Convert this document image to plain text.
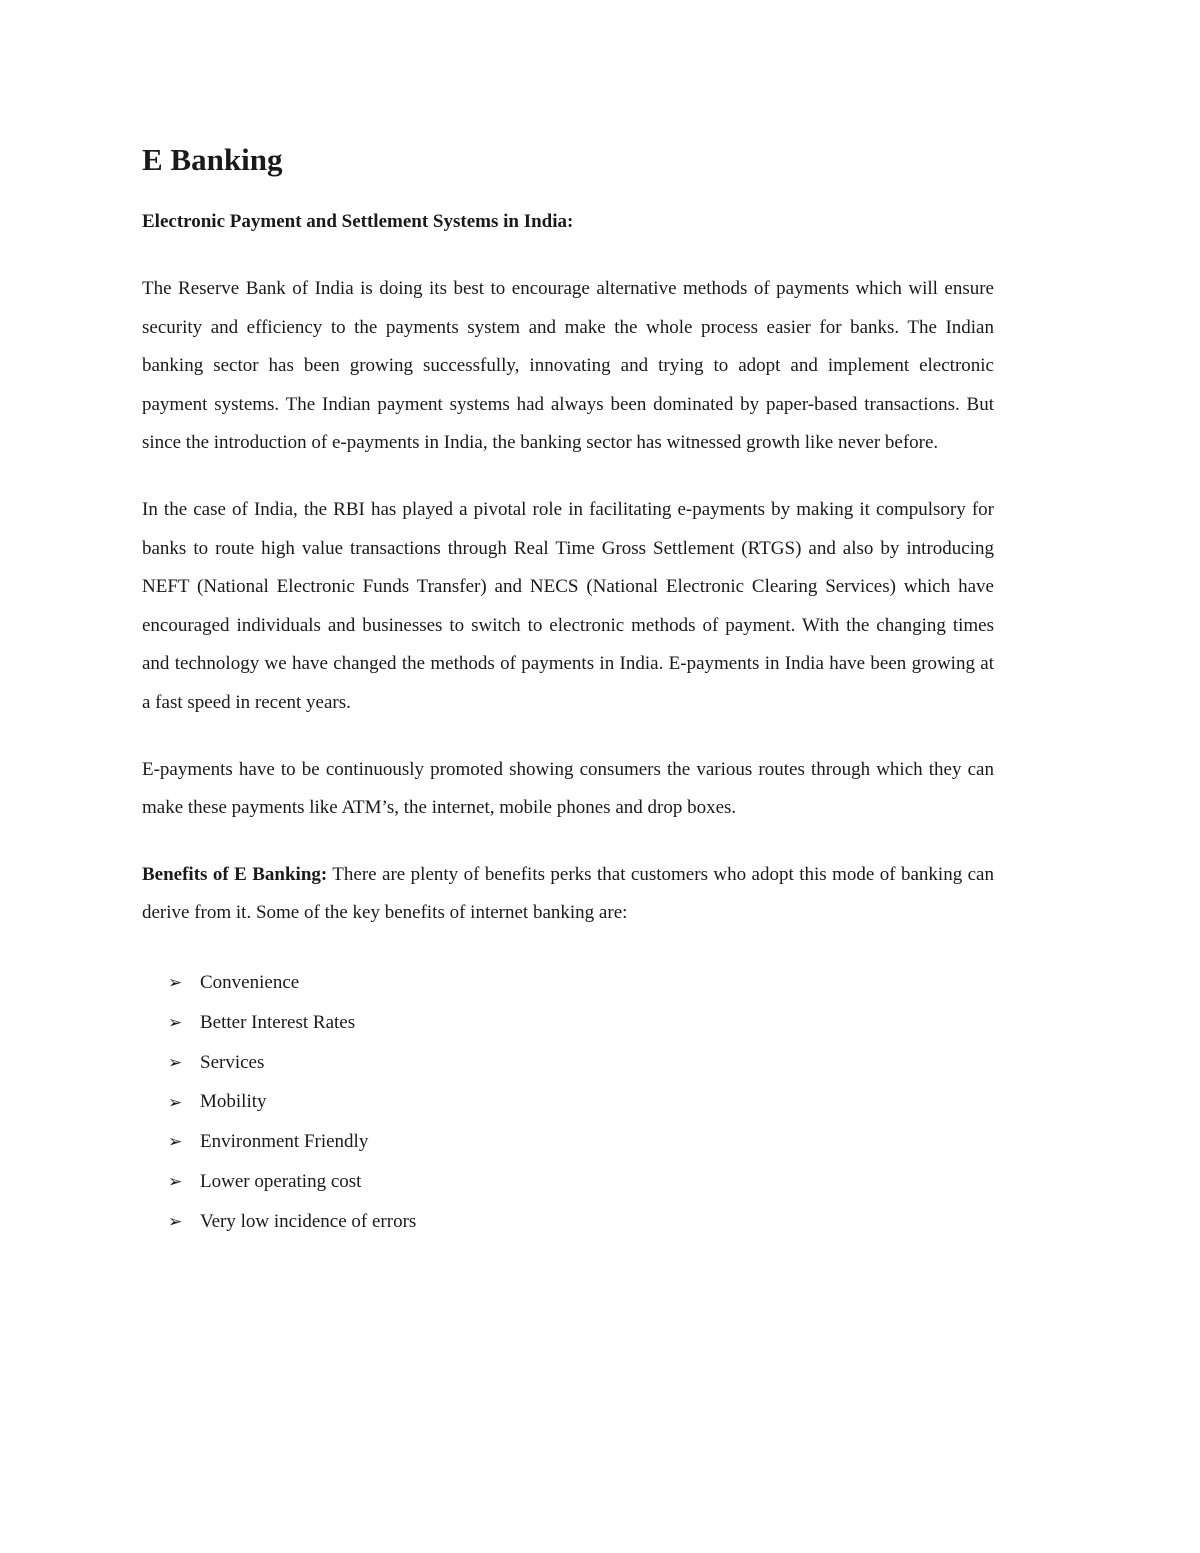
E Banking

Electronic Payment and Settlement Systems in India:

The Reserve Bank of India is doing its best to encourage alternative methods of payments which will ensure security and efficiency to the payments system and make the whole process easier for banks. The Indian banking sector has been growing successfully, innovating and trying to adopt and implement electronic payment systems. The Indian payment systems had always been dominated by paper-based transactions. But since the introduction of e-payments in India, the banking sector has witnessed growth like never before.

In the case of India, the RBI has played a pivotal role in facilitating e-payments by making it compulsory for banks to route high value transactions through Real Time Gross Settlement (RTGS) and also by introducing NEFT (National Electronic Funds Transfer) and NECS (National Electronic Clearing Services) which have encouraged individuals and businesses to switch to electronic methods of payment. With the changing times and technology we have changed the methods of payments in India. E-payments in India have been growing at a fast speed in recent years.

E-payments have to be continuously promoted showing consumers the various routes through which they can make these payments like ATM’s, the internet, mobile phones and drop boxes.

Benefits of E Banking: There are plenty of benefits perks that customers who adopt this mode of banking can derive from it. Some of the key benefits of internet banking are:

➢ Convenience
➢ Better Interest Rates
➢ Services
➢ Mobility
➢ Environment Friendly
➢ Lower operating cost
➢ Very low incidence of errors
